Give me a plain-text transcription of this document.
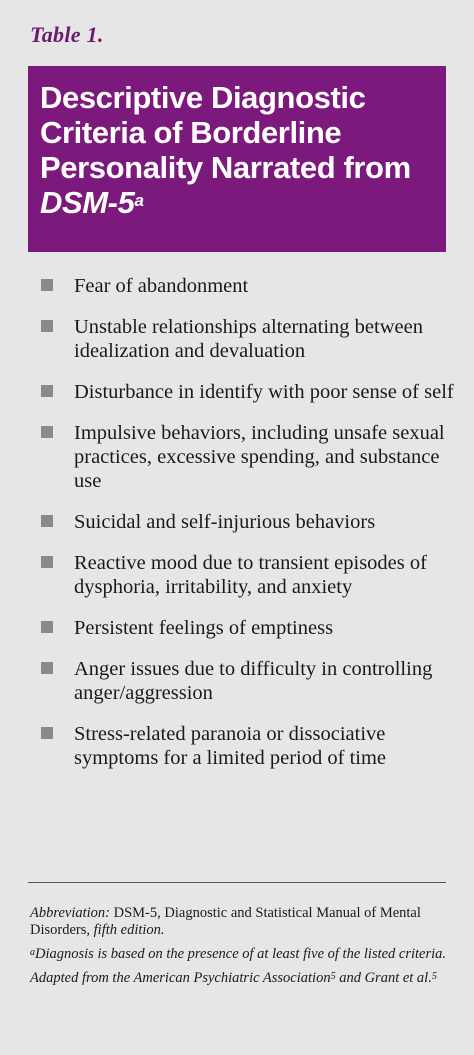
Table 1.
Descriptive Diagnostic Criteria of Borderline Personality Narrated from DSM-5$^a$
Fear of abandonment
Unstable relationships alternating between idealization and devaluation
Disturbance in identify with poor sense of self
Impulsive behaviors, including unsafe sexual practices, excessive spending, and substance use
Suicidal and self-injurious behaviors
Reactive mood due to transient episodes of dysphoria, irritability, and anxiety
Persistent feelings of emptiness
Anger issues due to difficulty in controlling anger/aggression
Stress-related paranoia or dissociative symptoms for a limited period of time

Abbreviation: DSM-5, Diagnostic and Statistical Manual of Mental Disorders, fifth edition.

$^a$Diagnosis is based on the presence of at least five of the listed criteria.

Adapted from the American Psychiatric Association$^5$ and Grant et al.$^5$
